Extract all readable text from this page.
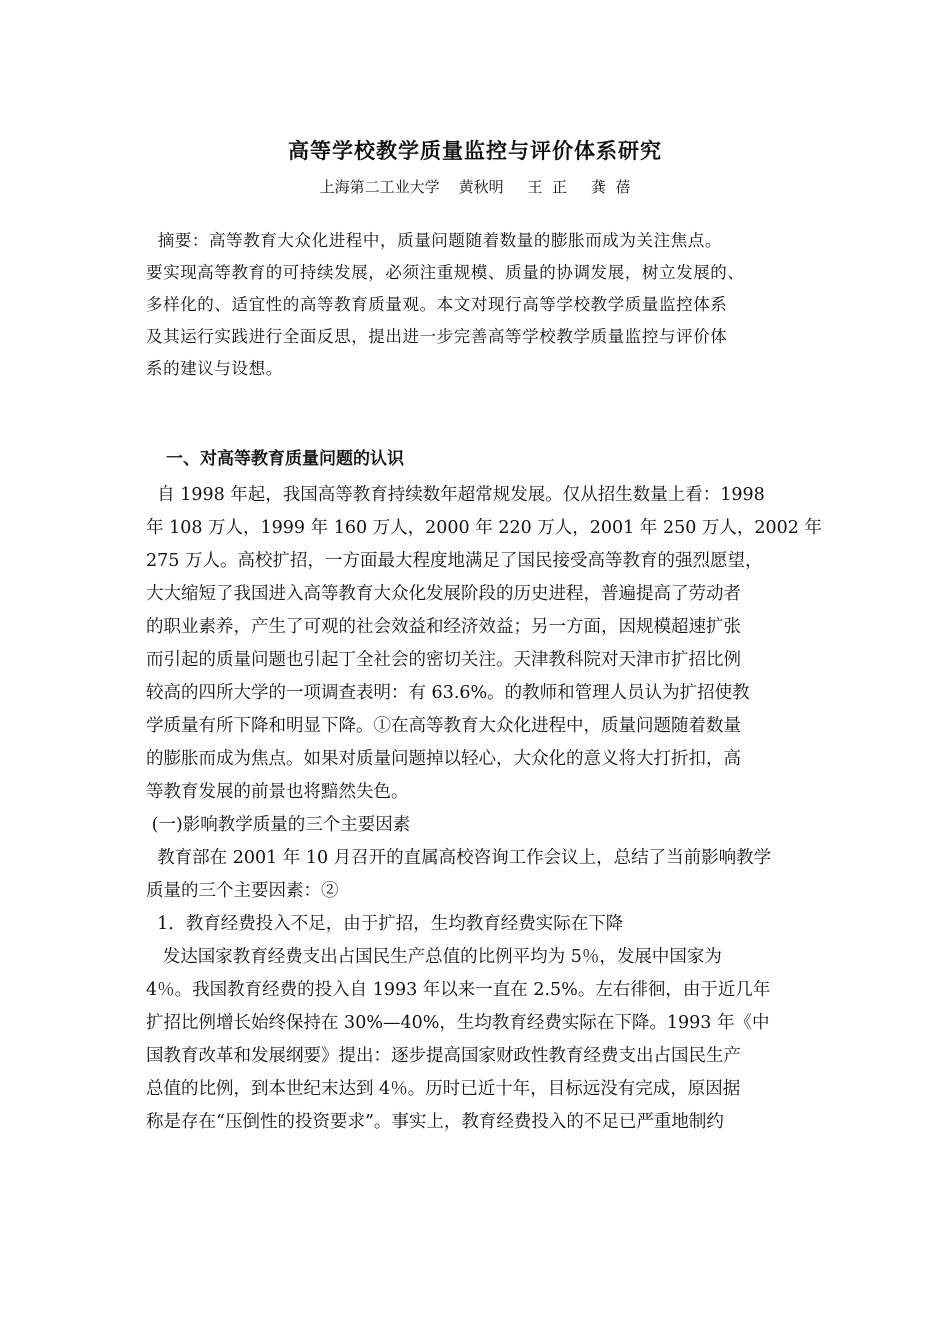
高等学校教学质量监控与评价体系研究
上海第二工业大学    黄秋明     王  正     龚  蓓
摘要：高等教育大众化进程中，质量问题随着数量的膨胀而成为关注焦点。
要实现高等教育的可持续发展，必须注重规模、质量的协调发展，树立发展的、
多样化的、适宜性的高等教育质量观。本文对现行高等学校教学质量监控体系
及其运行实践进行全面反思，提出进一步完善高等学校教学质量监控与评价体
系的建议与设想。
一、对高等教育质量问题的认识
自 1998 年起，我国高等教育持续数年超常规发展。仅从招生数量上看：1998
年 108 万人，1999 年 160 万人，2000 年 220 万人，2001 年 250 万人，2002 年
275 万人。高校扩招，一方面最大程度地满足了国民接受高等教育的强烈愿望，
大大缩短了我国进入高等教育大众化发展阶段的历史进程，普遍提高了劳动者
的职业素养，产生了可观的社会效益和经济效益；另一方面，因规模超速扩张
而引起的质量问题也引起丁全社会的密切关注。天津教科院对天津市扩招比例
较高的四所大学的一项调查表明：有 63.6%。的教师和管理人员认为扩招使教
学质量有所下降和明显下降。①在高等教育大众化进程中，质量问题随着数量
的膨胀而成为焦点。如果对质量问题掉以轻心，大众化的意义将大打折扣，高
等教育发展的前景也将黯然失色。
(一)影响教学质量的三个主要因素
教育部在 2001 年 10 月召开的直属高校咨询工作会议上，总结了当前影响教学
质量的三个主要因素：②
1．教育经费投入不足，由于扩招，生均教育经费实际在下降
发达国家教育经费支出占国民生产总值的比例平均为 5％，发展中国家为
4％。我国教育经费的投入自 1993 年以来一直在 2.5%。左右徘徊，由于近几年
扩招比例增长始终保持在 30%—40%，生均教育经费实际在下降。1993 年《中
国教育改革和发展纲要》提出：逐步提高国家财政性教育经费支出占国民生产
总值的比例，到本世纪末达到 4％。历时已近十年，目标远没有完成，原因据
称是存在“压倒性的投资要求”。事实上，教育经费投入的不足已严重地制约
